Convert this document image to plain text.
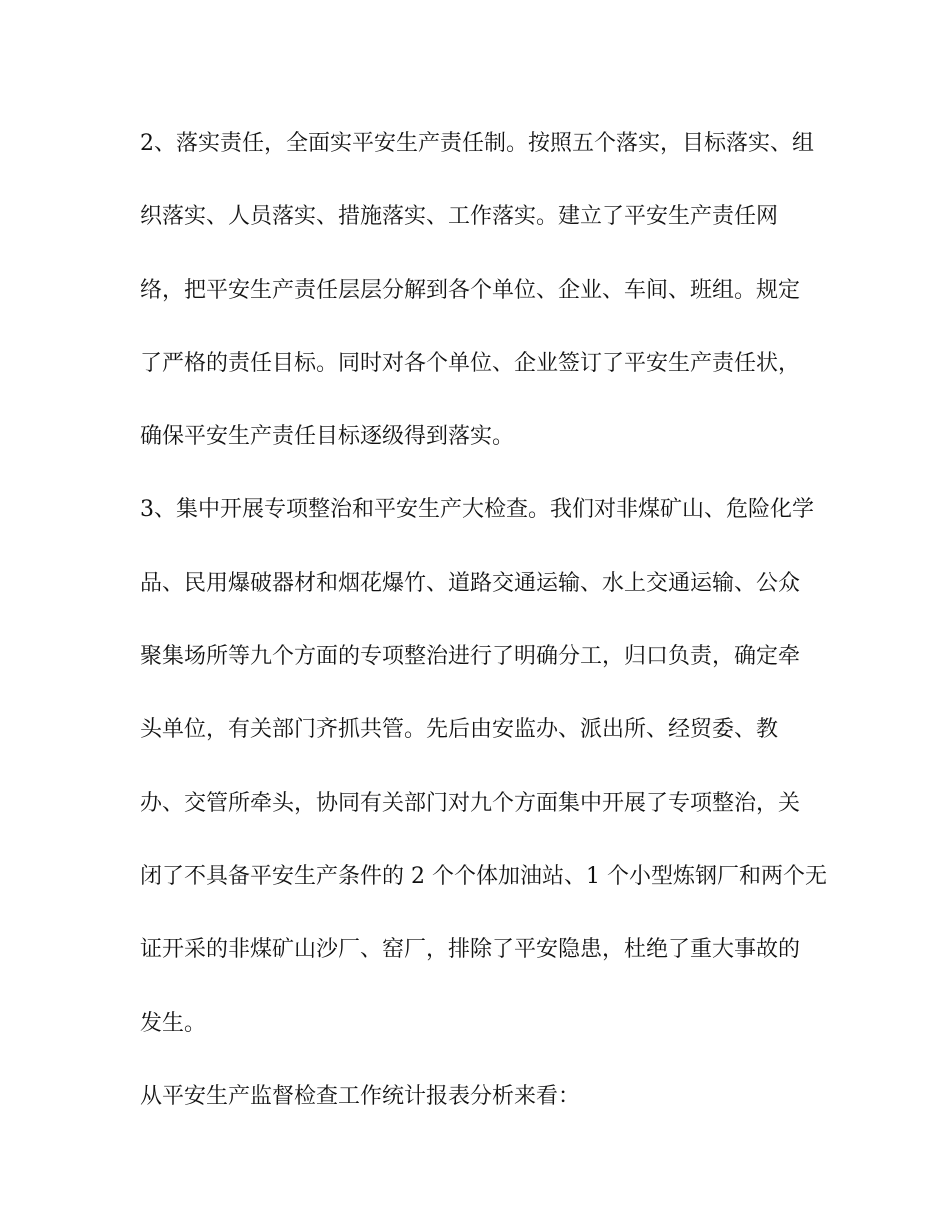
2、落实责任，全面实平安生产责任制。按照五个落实，目标落实、组
织落实、人员落实、措施落实、工作落实。建立了平安生产责任网
络，把平安生产责任层层分解到各个单位、企业、车间、班组。规定
了严格的责任目标。同时对各个单位、企业签订了平安生产责任状，
确保平安生产责任目标逐级得到落实。
3、集中开展专项整治和平安生产大检查。我们对非煤矿山、危险化学
品、民用爆破器材和烟花爆竹、道路交通运输、水上交通运输、公众
聚集场所等九个方面的专项整治进行了明确分工，归口负责，确定牵
头单位，有关部门齐抓共管。先后由安监办、派出所、经贸委、教
办、交管所牵头，协同有关部门对九个方面集中开展了专项整治，关
闭了不具备平安生产条件的 2 个个体加油站、1 个小型炼钢厂和两个无
证开采的非煤矿山沙厂、窑厂，排除了平安隐患，杜绝了重大事故的
发生。
从平安生产监督检查工作统计报表分析来看：
